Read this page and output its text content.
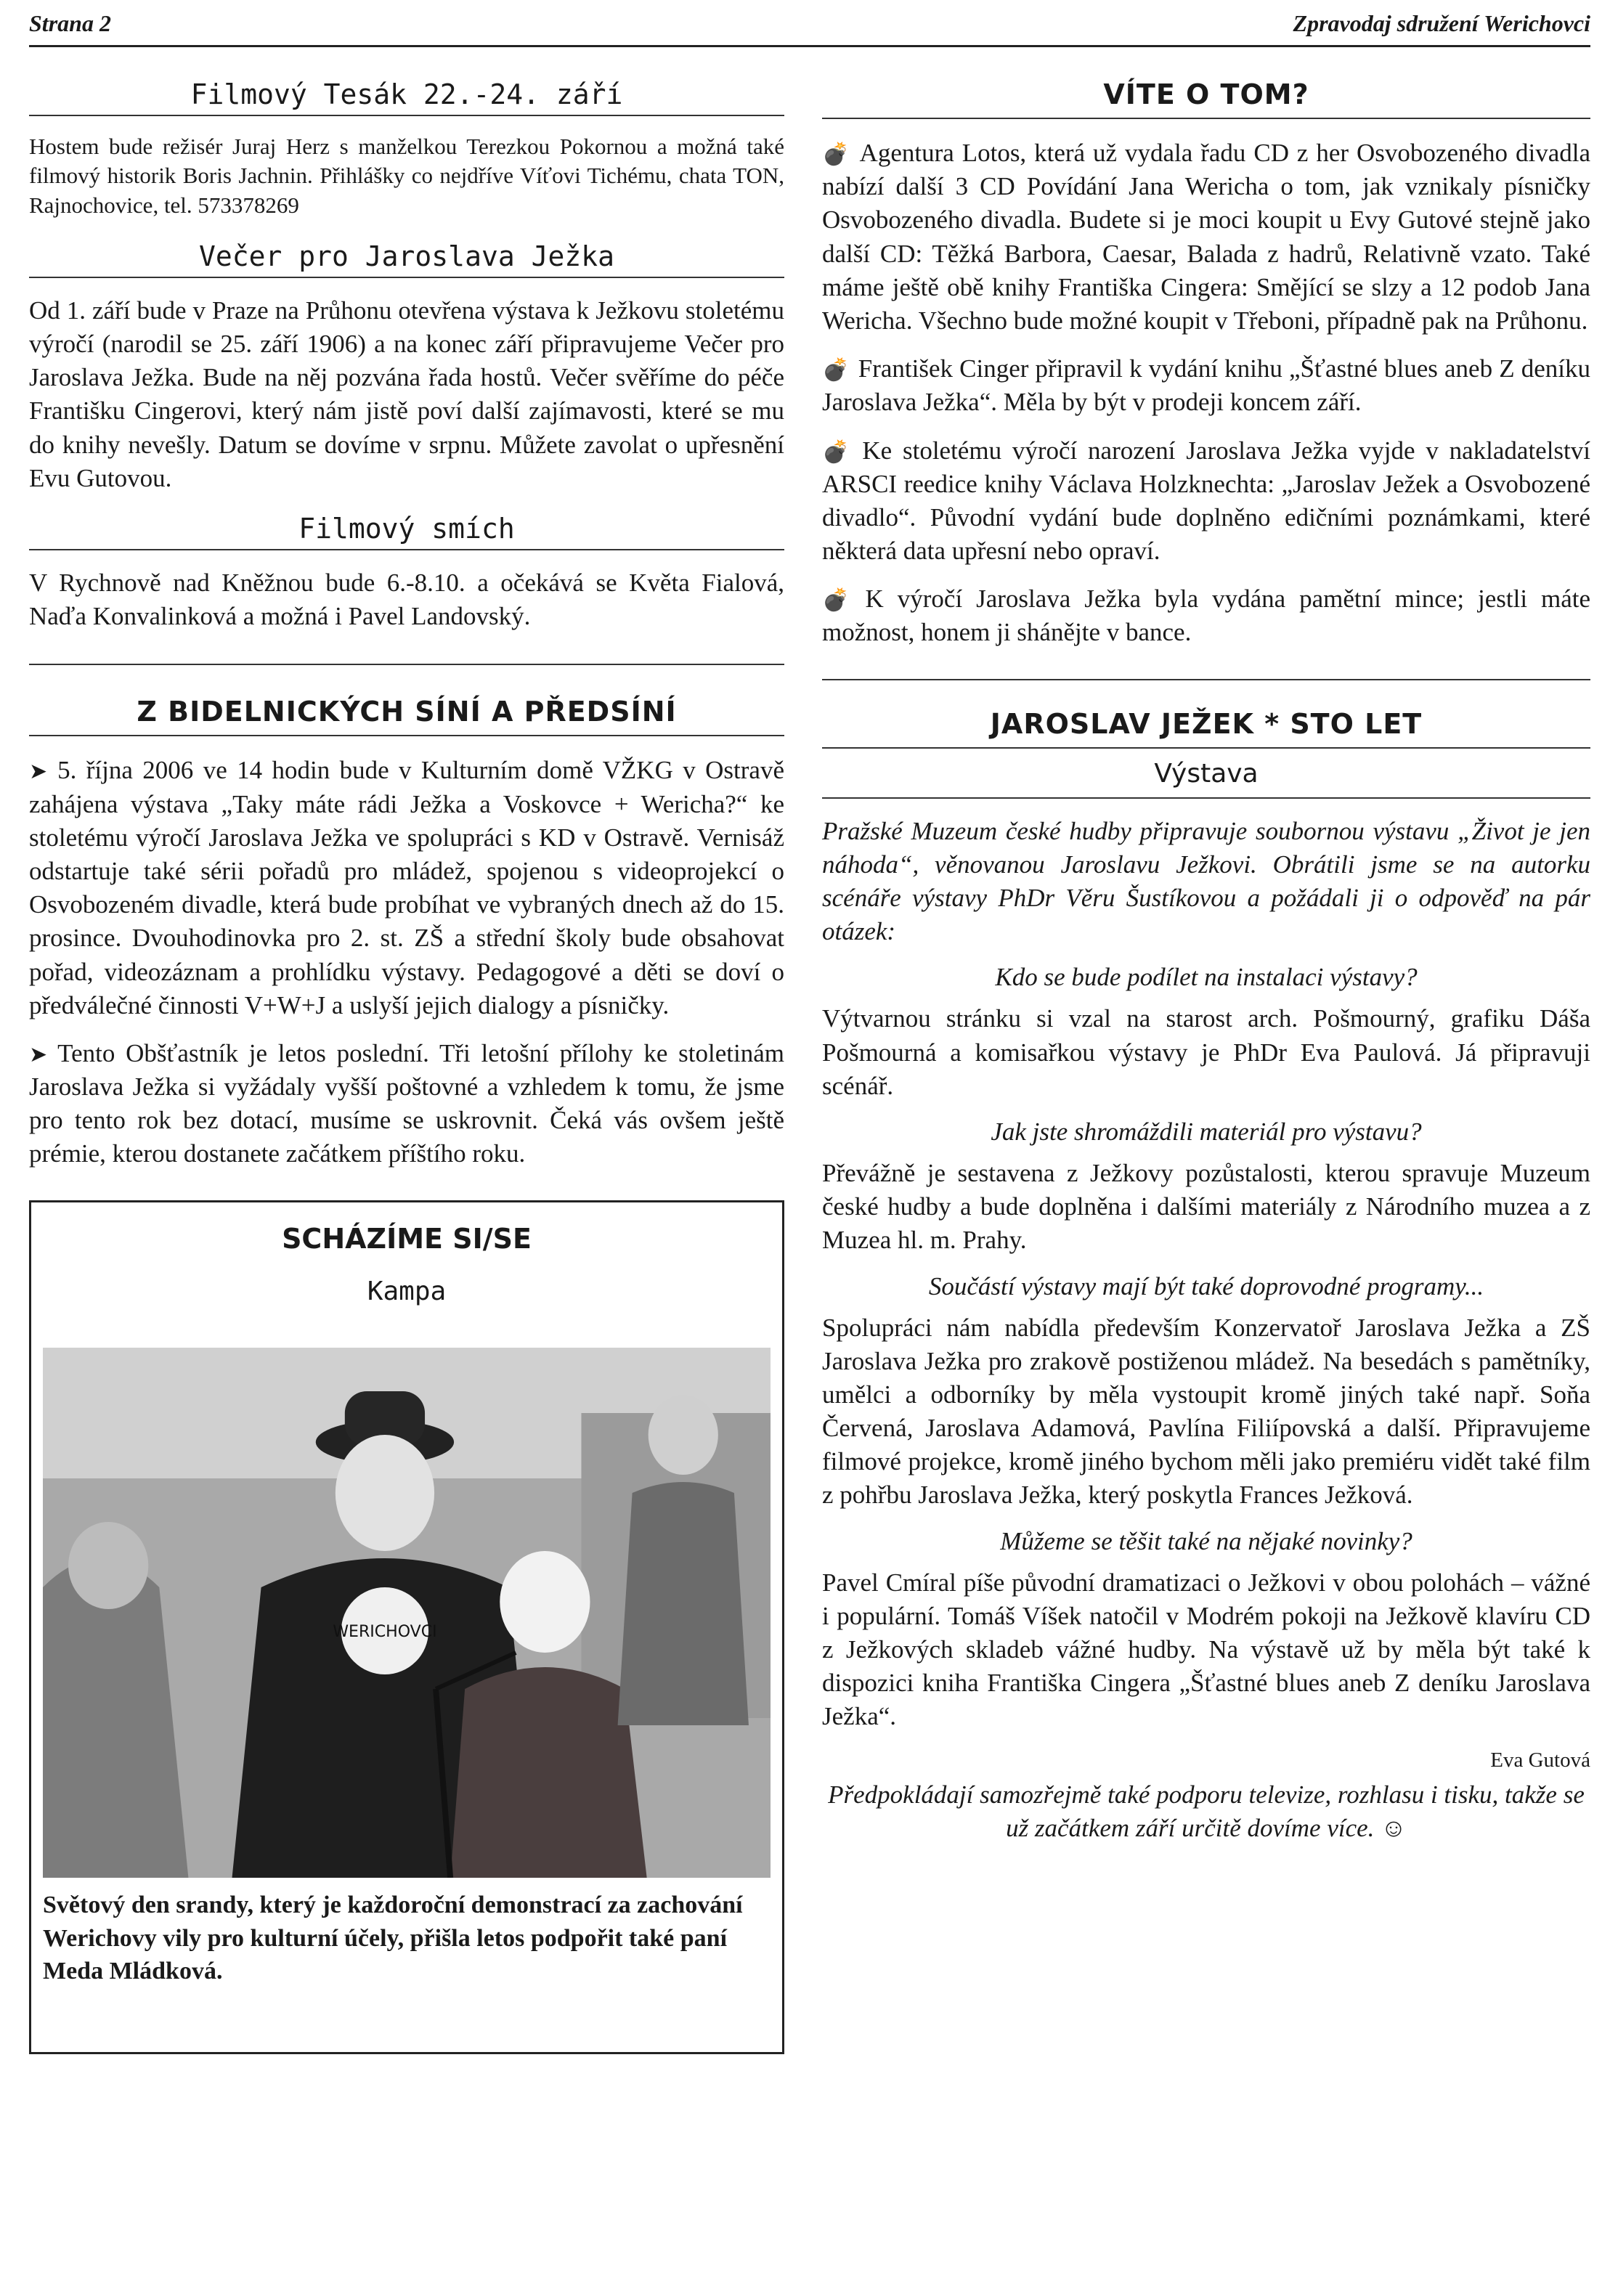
Strana 2	Zpravodaj sdružení Werichovci
Filmový Tesák 22.-24. září

Hostem bude režisér Juraj Herz s manželkou Terezkou Pokornou a možná také filmový historik Boris Jachnin. Přihlášky co nejdříve Víťovi Tichému, chata TON, Rajnochovice, tel. 573378269

Večer pro Jaroslava Ježka

Od 1. září bude v Praze na Průhonu otevřena výstava k Ježkovu stoletému výročí (narodil se 25. září 1906) a na konec září připravujeme Večer pro Jaroslava Ježka. Bude na něj pozvána řada hostů. Večer svěříme do péče Františku Cingerovi, který nám jistě poví další zajímavosti, které se mu do knihy nevešly. Datum se dovíme v srpnu. Můžete zavolat o upřesnění Evu Gutovou.

Filmový smích

V Rychnově nad Kněžnou bude 6.-8.10. a očekává se Květa Fialová, Naďa Konvalinková a možná i Pavel Landovský.

Z BIDELNICKÝCH SÍNÍ A PŘEDSÍNÍ

➤ 5. října 2006 ve 14 hodin bude v Kulturním domě VŽKG v Ostravě zahájena výstava „Taky máte rádi Ježka a Voskovce + Wericha?“ ke stoletému výročí Jaroslava Ježka ve spolupráci s KD v Ostravě. Vernisáž odstartuje také sérii pořadů pro mládež, spojenou s videoprojekcí o Osvobozeném divadle, která bude probíhat ve vybraných dnech až do 15. prosince. Dvouhodinovka pro 2. st. ZŠ a střední školy bude obsahovat pořad, videozáznam a prohlídku výstavy. Pedagogové a děti se doví o předválečné činnosti V+W+J a uslyší jejich dialogy a písničky.

➤ Tento Obšťastník je letos poslední. Tři letošní přílohy ke stoletinám Jaroslava Ježka si vyžádaly vyšší poštovné a vzhledem k tomu, že jsme pro tento rok bez dotací, musíme se uskrovnit. Čeká vás ovšem ještě prémie, kterou dostanete začátkem příštího roku.

SCHÁZÍME SI/SE
Kampa
WERICHOVCI
Světový den srandy, který je každoroční demonstrací za zachování Werichovy vily pro kulturní účely, přišla letos podpořit také paní Meda Mládková.
VÍTE O TOM?

💣 Agentura Lotos, která už vydala řadu CD z her Osvobozeného divadla nabízí další 3 CD Povídání Jana Wericha o tom, jak vznikaly písničky Osvobozeného divadla. Budete si je moci koupit u Evy Gutové stejně jako další CD: Těžká Barbora, Caesar, Balada z hadrů, Relativně vzato. Také máme ještě obě knihy Františka Cingera: Smějící se slzy a 12 podob Jana Wericha. Všechno bude možné koupit v Třeboni, případně pak na Průhonu.

💣 František Cinger připravil k vydání knihu „Šťastné blues aneb Z deníku Jaroslava Ježka“. Měla by být v prodeji koncem září.

💣 Ke stoletému výročí narození Jaroslava Ježka vyjde v nakladatelství ARSCI reedice knihy Václava Holzknechta: „Jaroslav Ježek a Osvobozené divadlo“. Původní vydání bude doplněno edičními poznámkami, které některá data upřesní nebo opraví.

💣 K výročí Jaroslava Ježka byla vydána pamětní mince; jestli máte možnost, honem ji shánějte v bance.

JAROSLAV JEŽEK * STO LET
Výstava

Pražské Muzeum české hudby připravuje soubornou výstavu „Život je jen náhoda“, věnovanou Jaroslavu Ježkovi. Obrátili jsme se na autorku scénáře výstavy PhDr Věru Šustíkovou a požádali ji o odpověď na pár otázek:

Kdo se bude podílet na instalaci výstavy?

Výtvarnou stránku si vzal na starost arch. Pošmourný, grafiku Dáša Pošmourná a komisařkou výstavy je PhDr Eva Paulová. Já připravuji scénář.

Jak jste shromáždili materiál pro výstavu?

Převážně je sestavena z Ježkovy pozůstalosti, kterou spravuje Muzeum české hudby a bude doplněna i dalšími materiály z Národního muzea a z Muzea hl. m. Prahy.

Součástí výstavy mají být také doprovodné programy...

Spolupráci nám nabídla především Konzervatoř Jaroslava Ježka a ZŠ Jaroslava Ježka pro zrakově postiženou mládež. Na besedách s pamětníky, umělci a odborníky by měla vystoupit kromě jiných také např. Soňa Červená, Jaroslava Adamová, Pavlína Filiípovská a další. Připravujeme filmové projekce, kromě jiného bychom měli jako premiéru vidět také film z pohřbu Jaroslava Ježka, který poskytla Frances Ježková.

Můžeme se těšit také na nějaké novinky?

Pavel Cmíral píše původní dramatizaci o Ježkovi v obou polohách – vážné i populární. Tomáš Víšek natočil v Modrém pokoji na Ježkově klavíru CD z Ježkových skladeb vážné hudby. Na výstavě už by měla být také k dispozici kniha Františka Cingera „Šťastné blues aneb Z deníku Jaroslava Ježka“.

Eva Gutová

Předpokládají samozřejmě také podporu televize, rozhlasu i tisku, takže se už začátkem září určitě dovíme více. ☺
